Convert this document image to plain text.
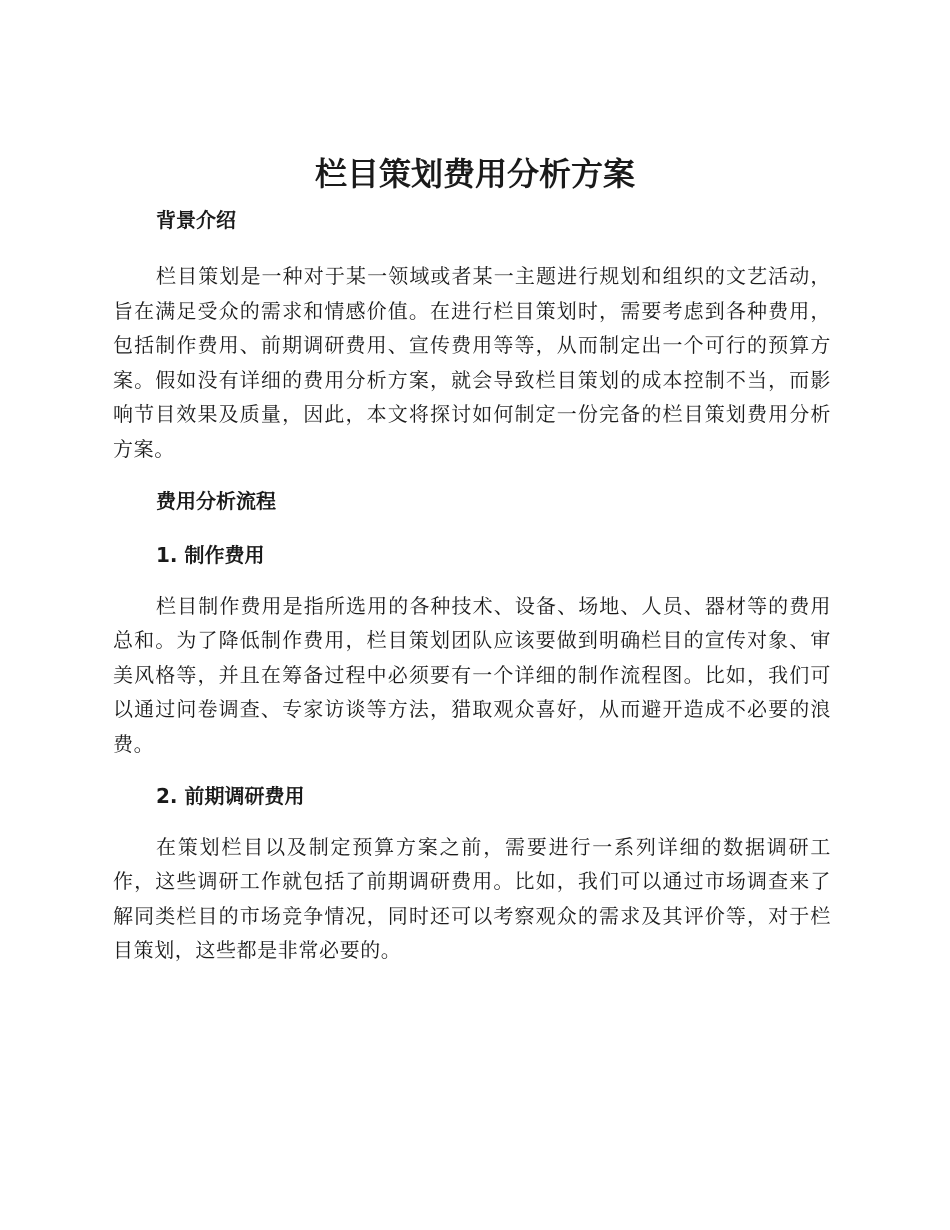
栏目策划费用分析方案
背景介绍

栏目策划是一种对于某一领域或者某一主题进行规划和组织的文艺活动，旨在满足受众的需求和情感价值。在进行栏目策划时，需要考虑到各种费用，包括制作费用、前期调研费用、宣传费用等等，从而制定出一个可行的预算方案。假如没有详细的费用分析方案，就会导致栏目策划的成本控制不当，而影响节目效果及质量，因此，本文将探讨如何制定一份完备的栏目策划费用分析方案。

费用分析流程
1. 制作费用

栏目制作费用是指所选用的各种技术、设备、场地、人员、器材等的费用总和。为了降低制作费用，栏目策划团队应该要做到明确栏目的宣传对象、审美风格等，并且在筹备过程中必须要有一个详细的制作流程图。比如，我们可以通过问卷调查、专家访谈等方法，猎取观众喜好，从而避开造成不必要的浪费。

2. 前期调研费用

在策划栏目以及制定预算方案之前，需要进行一系列详细的数据调研工作，这些调研工作就包括了前期调研费用。比如，我们可以通过市场调查来了解同类栏目的市场竞争情况，同时还可以考察观众的需求及其评价等，对于栏目策划，这些都是非常必要的。
